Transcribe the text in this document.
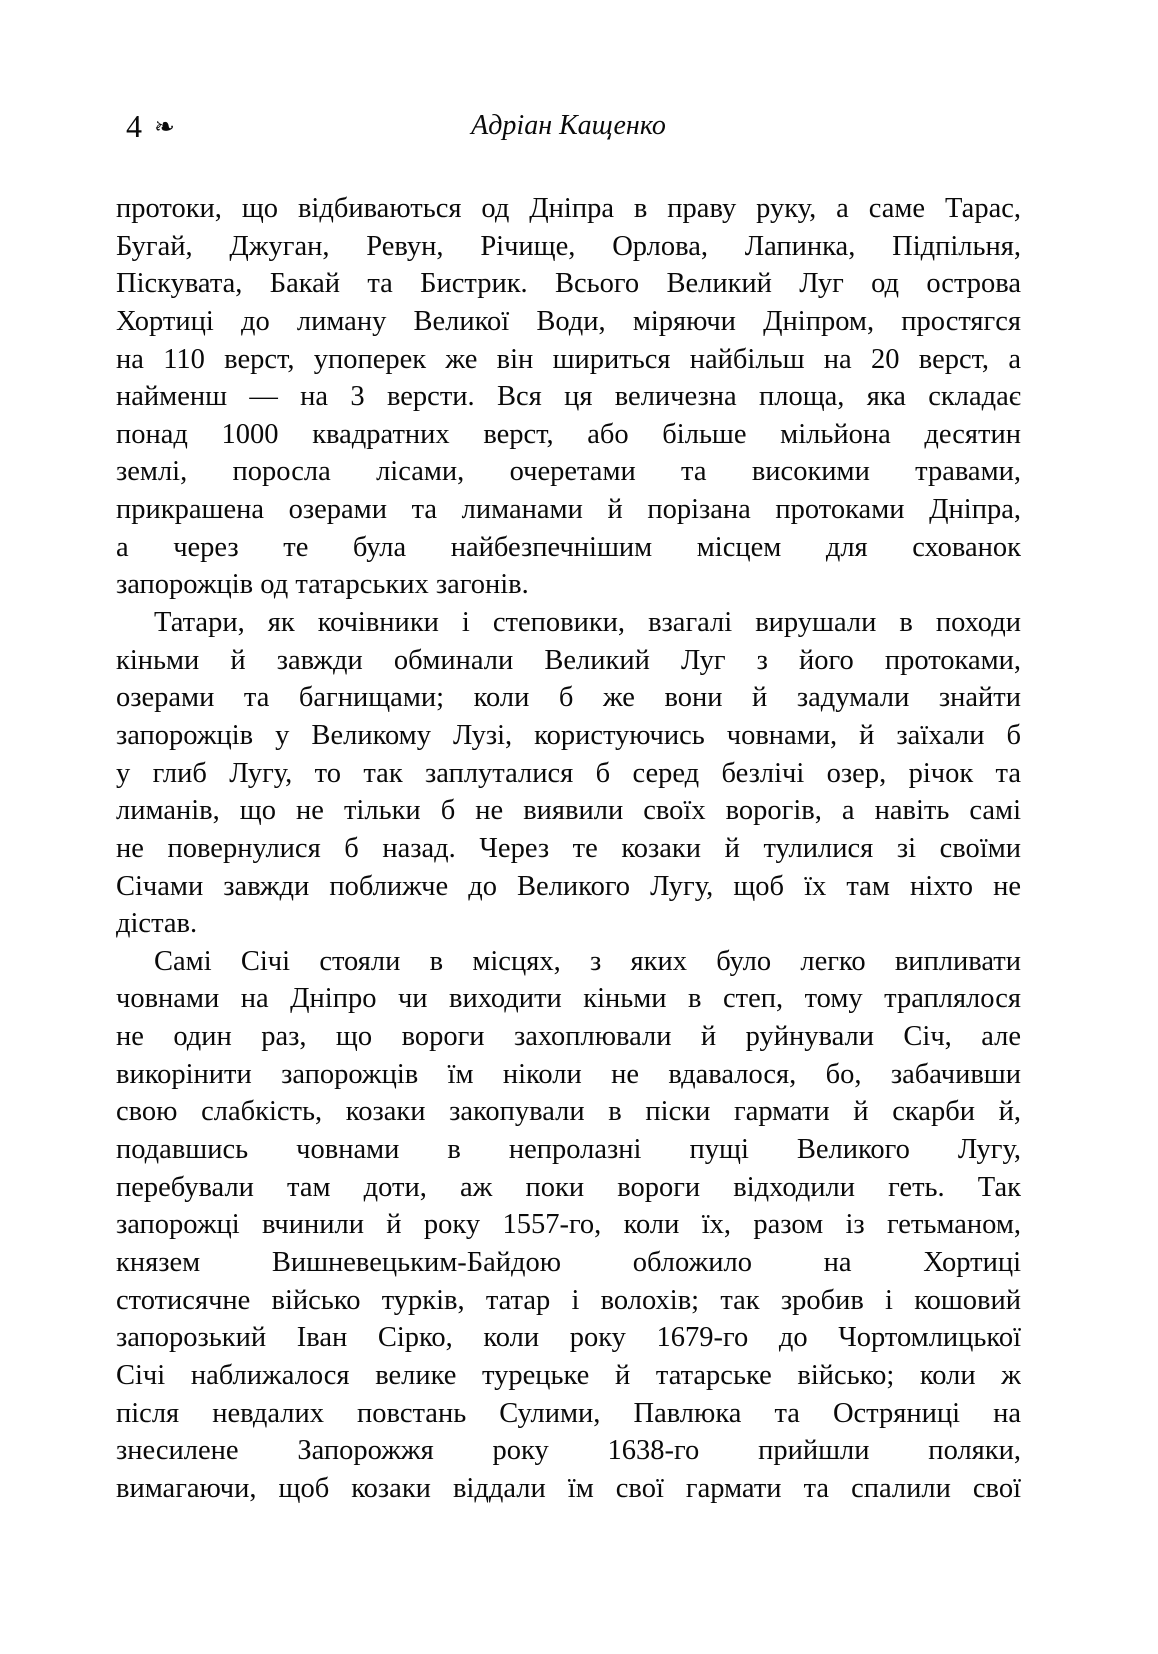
4 ❧	Адріан Кащенко
протоки, що відбиваються од Дніпра в праву руку, а саме Тарас,
Бугай, Джуган, Ревун, Річище, Орлова, Лапинка, Підпільня,
Піскувата, Бакай та Бистрик. Всього Великий Луг од острова
Хортиці до лиману Великої Води, міряючи Дніпром, простягся
на 110 верст, упоперек же він шириться найбільш на 20 верст, а
найменш — на 3 версти. Вся ця величезна площа, яка складає
понад 1000 квадратних верст, або більше мільйона десятин
землі, поросла лісами, очеретами та високими травами,
прикрашена озерами та лиманами й порізана протоками Дніпра,
а через те була найбезпечнішим місцем для схованок
запорожців од татарських загонів.
Татари, як кочівники і степовики, взагалі вирушали в походи
кіньми й завжди обминали Великий Луг з його протоками,
озерами та багнищами; коли б же вони й задумали знайти
запорожців у Великому Лузі, користуючись човнами, й заїхали б
у глиб Лугу, то так заплуталися б серед безлічі озер, річок та
лиманів, що не тільки б не виявили своїх ворогів, а навіть самі
не повернулися б назад. Через те козаки й тулилися зі своїми
Січами завжди поближче до Великого Лугу, щоб їх там ніхто не
дістав.
Самі Січі стояли в місцях, з яких було легко випливати
човнами на Дніпро чи виходити кіньми в степ, тому траплялося
не один раз, що вороги захоплювали й руйнували Січ, але
викорінити запорожців їм ніколи не вдавалося, бо, забачивши
свою слабкість, козаки закопували в піски гармати й скарби й,
подавшись човнами в непролазні пущі Великого Лугу,
перебували там доти, аж поки вороги відходили геть. Так
запорожці вчинили й року 1557-го, коли їх, разом із гетьманом,
князем Вишневецьким-Байдою обложило на Хортиці
стотисячне військо турків, татар і волохів; так зробив і кошовий
запорозький Іван Сірко, коли року 1679-го до Чортомлицької
Січі наближалося велике турецьке й татарське військо; коли ж
після невдалих повстань Сулими, Павлюка та Остряниці на
знесилене Запорожжя року 1638-го прийшли поляки,
вимагаючи, щоб козаки віддали їм свої гармати та спалили свої
